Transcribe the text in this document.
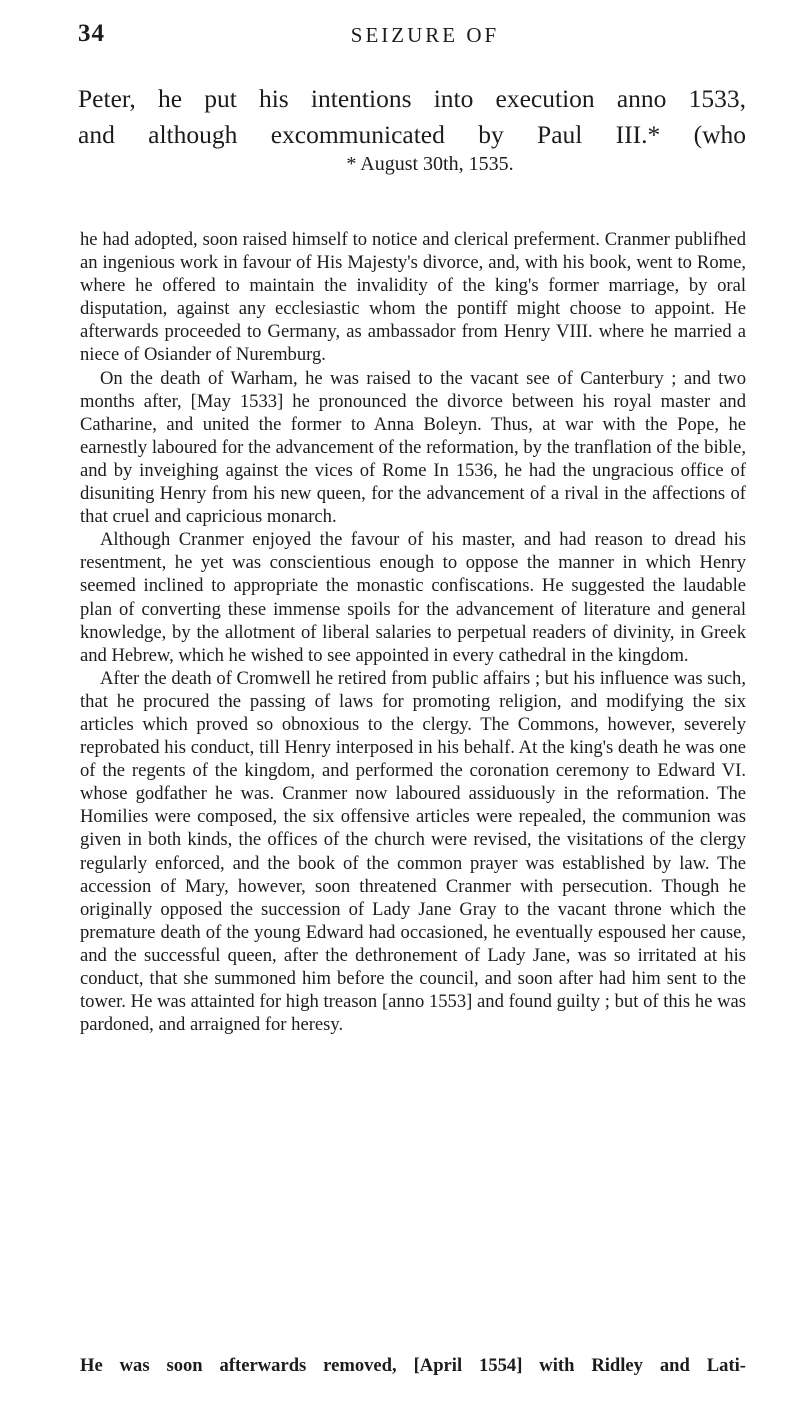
34	SEIZURE OF

Peter, he put his intentions into execution anno 1533,

and although excommunicated by Paul III.* (who

* August 30th, 1535.

he had adopted, soon raised himself to notice and clerical preferment. Cranmer publifhed an ingenious work in favour of His Majesty's divorce, and, with his book, went to Rome, where he offered to maintain the invalidity of the king's former marriage, by oral disputation, against any ecclesiastic whom the pontiff might choose to appoint. He afterwards proceeded to Germany, as ambassador from Henry VIII. where he married a niece of Osiander of Nuremburg.

On the death of Warham, he was raised to the vacant see of Canterbury ; and two months after, [May 1533] he pronounced the divorce between his royal master and Catharine, and united the former to Anna Boleyn. Thus, at war with the Pope, he earnestly laboured for the advancement of the reformation, by the tranflation of the bible, and by inveighing against the vices of Rome In 1536, he had the ungracious office of disuniting Henry from his new queen, for the advancement of a rival in the affections of that cruel and capricious monarch.

Although Cranmer enjoyed the favour of his master, and had reason to dread his resentment, he yet was conscientious enough to oppose the manner in which Henry seemed inclined to appropriate the monastic confiscations. He suggested the laudable plan of converting these immense spoils for the advancement of literature and general knowledge, by the allotment of liberal salaries to perpetual readers of divinity, in Greek and Hebrew, which he wished to see appointed in every cathedral in the kingdom.

After the death of Cromwell he retired from public affairs ; but his influence was such, that he procured the passing of laws for promoting religion, and modifying the six articles which proved so obnoxious to the clergy. The Commons, however, severely reprobated his conduct, till Henry interposed in his behalf. At the king's death he was one of the regents of the kingdom, and performed the coronation ceremony to Edward VI. whose godfather he was. Cranmer now laboured assiduously in the reformation. The Homilies were composed, the six offensive articles were repealed, the communion was given in both kinds, the offices of the church were revised, the visitations of the clergy regularly enforced, and the book of the common prayer was established by law. The accession of Mary, however, soon threatened Cranmer with persecution. Though he originally opposed the succession of Lady Jane Gray to the vacant throne which the premature death of the young Edward had occasioned, he eventually espoused her cause, and the successful queen, after the dethronement of Lady Jane, was so irritated at his conduct, that she summoned him before the council, and soon after had him sent to the tower. He was attainted for high treason [anno 1553] and found guilty ; but of this he was pardoned, and arraigned for heresy.

He was soon afterwards removed, [April 1554] with Ridley and Lati-
